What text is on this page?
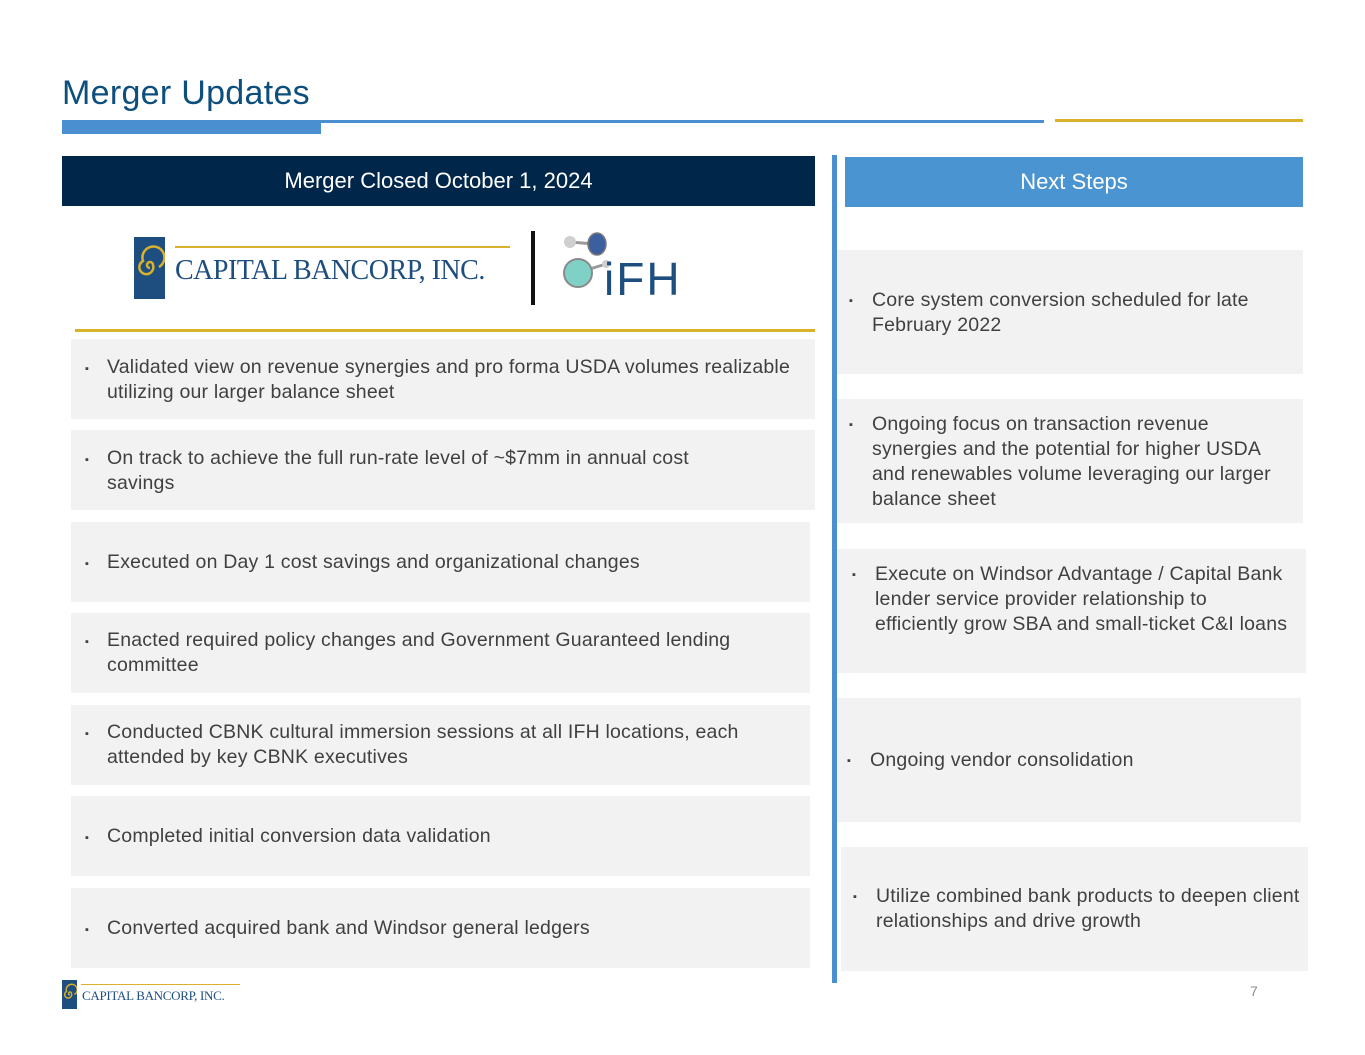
Merger Updates
Merger Closed October 1, 2024	Next Steps
CAPITAL BANCORP, INC.	iFH
▪ Validated view on revenue synergies and pro forma USDA volumes realizable utilizing our larger balance sheet
▪ On track to achieve the full run-rate level of ~$7mm in annual cost savings
▪ Executed on Day 1 cost savings and organizational changes
▪ Enacted required policy changes and Government Guaranteed lending committee
▪ Conducted CBNK cultural immersion sessions at all IFH locations, each attended by key CBNK executives
▪ Completed initial conversion data validation
▪ Converted acquired bank and Windsor general ledgers
▪ Core system conversion scheduled for late February 2022
▪ Ongoing focus on transaction revenue synergies and the potential for higher USDA and renewables volume leveraging our larger balance sheet
▪ Execute on Windsor Advantage / Capital Bank lender service provider relationship to efficiently grow SBA and small-ticket C&I loans
▪ Ongoing vendor consolidation
▪ Utilize combined bank products to deepen client relationships and drive growth
CAPITAL BANCORP, INC.	7
